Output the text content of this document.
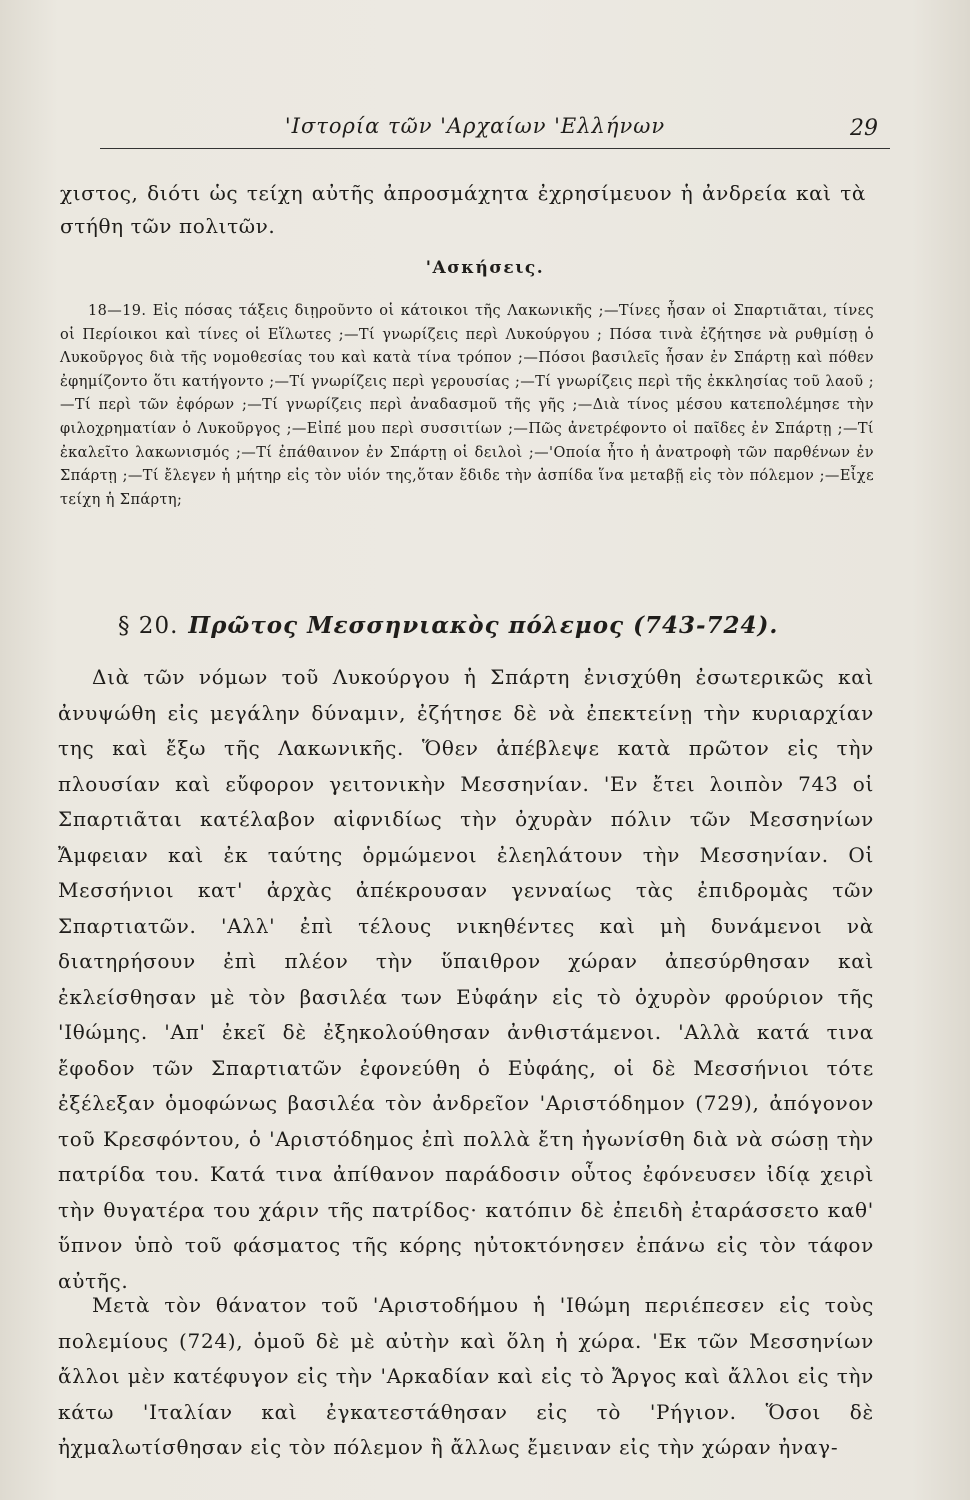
'Ιστορία τῶν 'Αρχαίων 'Ελλήνων	29

χιστος, διότι ὡς τείχη αὐτῆς ἀπροσμάχητα ἐχρησίμευον ἡ ἀνδρεία καὶ τὰ στήθη τῶν πολιτῶν.

'Ασκήσεις.

18—19. Εἰς πόσας τάξεις διῃροῦντο οἱ κάτοικοι τῆς Λακωνικῆς ;—Τίνες ἦσαν οἱ Σπαρτιᾶται, τίνες οἱ Περίοικοι καὶ τίνες οἱ Εἵλωτες ;—Τί γνωρίζεις περὶ Λυκούργου ; Πόσα τινὰ ἐζήτησε νὰ ρυθμίσῃ ὁ Λυκοῦργος διὰ τῆς νομοθεσίας του καὶ κατὰ τίνα τρόπον ;—Πόσοι βασιλεῖς ἦσαν ἐν Σπάρτῃ καὶ πόθεν ἐφημίζοντο ὅτι κατήγοντο ;—Τί γνωρίζεις περὶ γερουσίας ;—Τί γνωρίζεις περὶ τῆς ἐκκλησίας τοῦ λαοῦ ;—Τί περὶ τῶν ἐφόρων ;—Τί γνωρίζεις περὶ ἀναδασμοῦ τῆς γῆς ;—Διὰ τίνος μέσου κατεπολέμησε τὴν φιλοχρηματίαν ὁ Λυκοῦργος ;—Εἰπέ μου περὶ συσσιτίων ;—Πῶς ἀνετρέφοντο οἱ παῖδες ἐν Σπάρτῃ ;—Τί ἐκαλεῖτο λακωνισμός ;—Τί ἐπάθαινον ἐν Σπάρτῃ οἱ δειλοὶ ;—'Οποία ἦτο ἡ ἀνατροφὴ τῶν παρθένων ἐν Σπάρτῃ ;—Τί ἔλεγεν ἡ μήτηρ εἰς τὸν υἱόν της,ὅταν ἔδιδε τὴν ἀσπίδα ἵνα μεταβῇ εἰς τὸν πόλεμον ;—Εἶχε τείχη ἡ Σπάρτη;

§ 20. Πρῶτος Μεσσηνιακὸς πόλεμος (743-724).

Διὰ τῶν νόμων τοῦ Λυκούργου ἡ Σπάρτη ἐνισχύθη ἐσωτερικῶς καὶ ἀνυψώθη εἰς μεγάλην δύναμιν, ἐζήτησε δὲ νὰ ἐπεκτείνῃ τὴν κυριαρχίαν της καὶ ἔξω τῆς Λακωνικῆς. Ὅθεν ἀπέβλεψε κατὰ πρῶτον εἰς τὴν πλουσίαν καὶ εὔφορον γειτονικὴν Μεσσηνίαν. 'Εν ἔτει λοιπὸν 743 οἱ Σπαρτιᾶται κατέλαβον αἰφνιδίως τὴν ὀχυρὰν πόλιν τῶν Μεσσηνίων Ἄμφειαν καὶ ἐκ ταύτης ὁρμώμενοι ἐλεηλάτουν τὴν Μεσσηνίαν. Οἱ Μεσσήνιοι κατ' ἀρχὰς ἀπέκρουσαν γενναίως τὰς ἐπιδρομὰς τῶν Σπαρτιατῶν. 'Αλλ' ἐπὶ τέλους νικηθέντες καὶ μὴ δυνάμενοι νὰ διατηρήσουν ἐπὶ πλέον τὴν ὕπαιθρον χώραν ἀπεσύρθησαν καὶ ἐκλείσθησαν μὲ τὸν βασιλέα των Εὐφάην εἰς τὸ ὀχυρὸν φρούριον τῆς 'Ιθώμης. 'Απ' ἐκεῖ δὲ ἐξηκολούθησαν ἀνθιστάμενοι. 'Αλλὰ κατά τινα ἔφοδον τῶν Σπαρτιατῶν ἐφονεύθη ὁ Εὐφάης, οἱ δὲ Μεσσήνιοι τότε ἐξέλεξαν ὁμοφώνως βασιλέα τὸν ἀνδρεῖον 'Αριστόδημον (729), ἀπόγονον τοῦ Κρεσφόντου, ὁ 'Αριστόδημος ἐπὶ πολλὰ ἔτη ἠγωνίσθη διὰ νὰ σώσῃ τὴν πατρίδα του. Κατά τινα ἀπίθανον παράδοσιν οὗτος ἐφόνευσεν ἰδίᾳ χειρὶ τὴν θυγατέρα του χάριν τῆς πατρίδος· κατόπιν δὲ ἐπειδὴ ἐταράσσετο καθ' ὕπνον ὑπὸ τοῦ φάσματος τῆς κόρης ηὐτοκτόνησεν ἐπάνω εἰς τὸν τάφον αὐτῆς.

Μετὰ τὸν θάνατον τοῦ 'Αριστοδήμου ἡ 'Ιθώμη περιέπεσεν εἰς τοὺς πολεμίους (724), ὁμοῦ δὲ μὲ αὐτὴν καὶ ὅλη ἡ χώρα. 'Εκ τῶν Μεσσηνίων ἄλλοι μὲν κατέφυγον εἰς τὴν 'Αρκαδίαν καὶ εἰς τὸ Ἄργος καὶ ἄλλοι εἰς τὴν κάτω 'Ιταλίαν καὶ ἐγκατεστάθησαν εἰς τὸ 'Ρήγιον. Ὅσοι δὲ ἠχμαλωτίσθησαν εἰς τὸν πόλεμον ἢ ἄλλως ἔμειναν εἰς τὴν χώραν ἠναγ-
